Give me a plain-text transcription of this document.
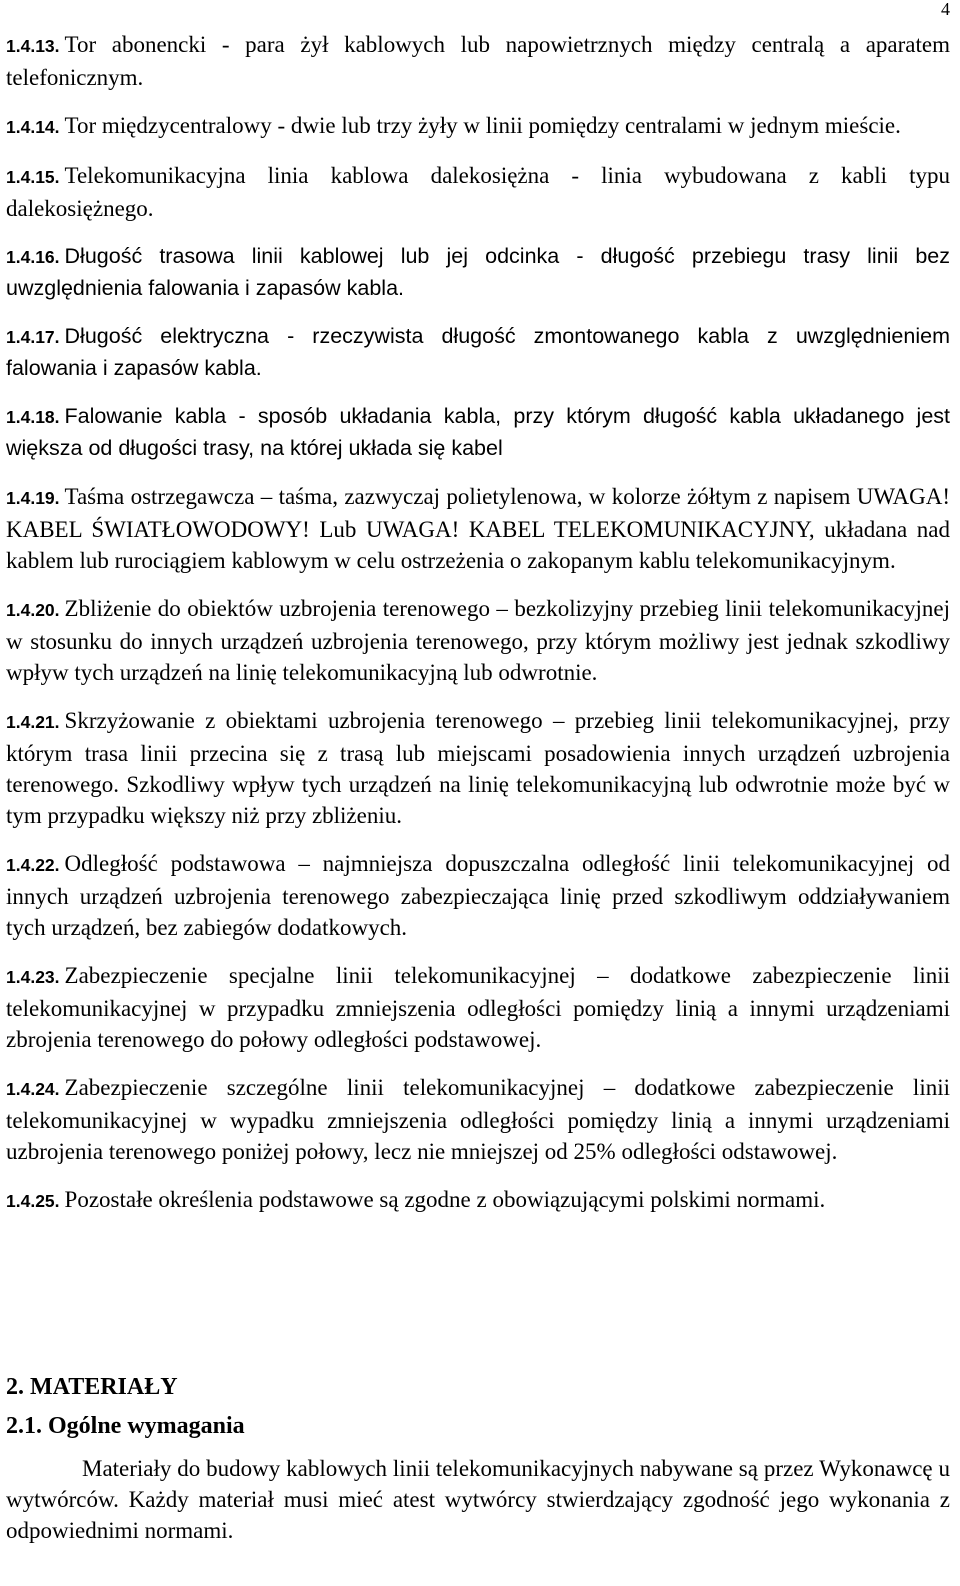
4

1.4.13. Tor abonencki - para żył kablowych lub napowietrznych między centralą a aparatem telefonicznym.

1.4.14. Tor międzycentralowy - dwie lub trzy żyły w linii pomiędzy centralami w jednym mieście.

1.4.15. Telekomunikacyjna linia kablowa dalekosiężna - linia wybudowana z kabli typu dalekosiężnego.

1.4.16. Długość trasowa linii kablowej lub jej odcinka - długość przebiegu trasy linii bez uwzględnienia falowania i zapasów kabla.

1.4.17. Długość elektryczna - rzeczywista długość zmontowanego kabla z uwzględnieniem falowania i zapasów kabla.

1.4.18. Falowanie kabla - sposób układania kabla, przy którym długość kabla układanego jest większa od długości trasy, na której układa się kabel

1.4.19. Taśma ostrzegawcza – taśma, zazwyczaj polietylenowa, w kolorze żółtym z napisem UWAGA! KABEL ŚWIATŁOWODOWY! Lub UWAGA! KABEL TELEKOMUNIKACYJNY, układana nad kablem lub rurociągiem kablowym w celu ostrzeżenia o zakopanym kablu telekomunikacyjnym.

1.4.20. Zbliżenie do obiektów uzbrojenia terenowego – bezkolizyjny przebieg linii telekomunikacyjnej w stosunku do innych urządzeń uzbrojenia terenowego, przy którym możliwy jest jednak szkodliwy wpływ tych urządzeń na linię telekomunikacyjną lub odwrotnie.

1.4.21. Skrzyżowanie z obiektami uzbrojenia terenowego – przebieg linii telekomunikacyjnej, przy którym trasa linii przecina się z trasą lub miejscami posadowienia innych urządzeń uzbrojenia terenowego. Szkodliwy wpływ tych urządzeń na linię telekomunikacyjną lub odwrotnie może być w tym przypadku większy niż przy zbliżeniu.

1.4.22. Odległość podstawowa – najmniejsza dopuszczalna odległość linii telekomunikacyjnej od innych urządzeń uzbrojenia terenowego zabezpieczająca linię przed szkodliwym oddziaływaniem tych urządzeń, bez zabiegów dodatkowych.

1.4.23. Zabezpieczenie specjalne linii telekomunikacyjnej – dodatkowe zabezpieczenie linii telekomunikacyjnej w przypadku zmniejszenia odległości pomiędzy linią a innymi urządzeniami zbrojenia terenowego do połowy odległości podstawowej.

1.4.24. Zabezpieczenie szczególne linii telekomunikacyjnej – dodatkowe zabezpieczenie linii telekomunikacyjnej w wypadku zmniejszenia odległości pomiędzy linią a innymi urządzeniami uzbrojenia terenowego poniżej połowy, lecz nie mniejszej od 25% odległości odstawowej.

1.4.25. Pozostałe określenia podstawowe są zgodne z obowiązującymi polskimi normami.

2. MATERIAŁY
2.1. Ogólne wymagania

Materiały do budowy kablowych linii telekomunikacyjnych nabywane są przez Wykonawcę u wytwórców. Każdy materiał musi mieć atest wytwórcy stwierdzający zgodność jego wykonania z odpowiednimi normami.
